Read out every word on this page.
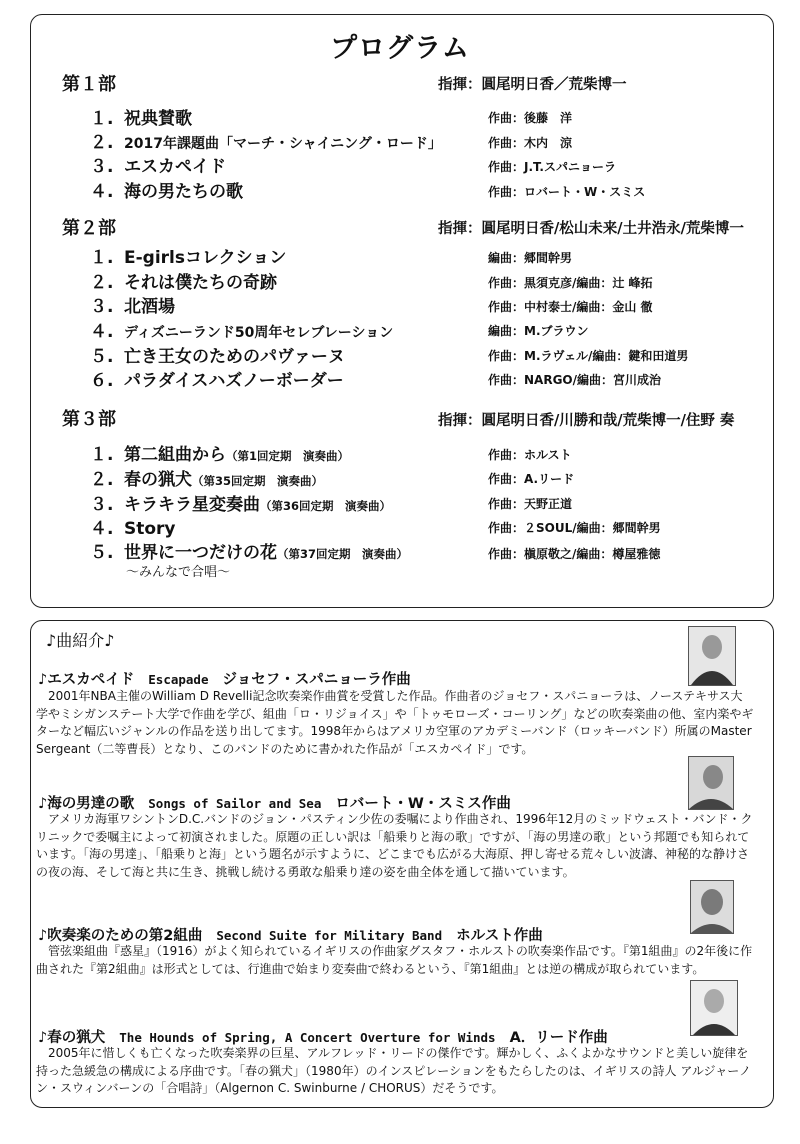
プログラム
第１部	指揮：圓尾明日香／荒柴博一
１. 祝典賛歌	作曲：後藤　洋
２. 2017年課題曲「マーチ・シャイニング・ロード」	作曲：木内　涼
３. エスカペイド	作曲：J.T.スパニョーラ
４. 海の男たちの歌	作曲：ロバート・W・スミス
第２部	指揮：圓尾明日香/松山未来/土井浩永/荒柴博一
１. E-girlsコレクション	編曲：郷間幹男
２. それは僕たちの奇跡	作曲：黒須克彦/編曲：辻 峰拓
３. 北酒場	作曲：中村泰士/編曲：金山 徹
４. ディズニーランド50周年セレブレーション	編曲：M.ブラウン
５. 亡き王女のためのパヴァーヌ	作曲：M.ラヴェル/編曲：鍵和田道男
６. パラダイスハズノーボーダー	作曲：NARGO/編曲：宮川成治
第３部	指揮：圓尾明日香/川勝和哉/荒柴博一/住野 奏
１. 第二組曲から（第1回定期　演奏曲）	作曲：ホルスト
２. 春の猟犬（第35回定期　演奏曲）	作曲：A.リード
３. キラキラ星変奏曲（第36回定期　演奏曲）	作曲：天野正道
４. Story	作曲：２SOUL/編曲：郷間幹男
５. 世界に一つだけの花（第37回定期　演奏曲）	作曲：槇原敬之/編曲：樽屋雅徳
～みんなで合唱～
♪曲紹介♪
♪エスカペイド Escapade ジョセフ・スパニョーラ作曲
2001年NBA主催のWilliam D Revelli記念吹奏楽作曲賞を受賞した作品。作曲者のジョセフ・スパニョーラは、ノーステキサス大学やミシガンステート大学で作曲を学び、組曲「ロ・リジョイス」や「トゥモローズ・コーリング」などの吹奏楽曲の他、室内楽やギターなど幅広いジャンルの作品を送り出してます。1998年からはアメリカ空軍のアカデミーバンド（ロッキーバンド）所属のMaster Sergeant（二等曹長）となり、このバンドのために書かれた作品が「エスカペイド」です。
♪海の男達の歌 Songs of Sailor and Sea ロバート・W・スミス作曲
アメリカ海軍ワシントンD.C.バンドのジョン・パスティン少佐の委嘱により作曲され、1996年12月のミッドウェスト・バンド・クリニックで委嘱主によって初演されました。原題の正しい訳は「船乗りと海の歌」ですが、「海の男達の歌」という邦題でも知られています。「海の男達」、「船乗りと海」という題名が示すように、どこまでも広がる大海原、押し寄せる荒々しい波濤、神秘的な静けさの夜の海、そして海と共に生き、挑戦し続ける勇敢な船乗り達の姿を曲全体を通して描いています。
♪吹奏楽のための第2組曲 Second Suite for Military Band ホルスト作曲
管弦楽組曲『惑星』（1916）がよく知られているイギリスの作曲家グスタフ・ホルストの吹奏楽作品です。『第1組曲』の2年後に作曲された『第2組曲』は形式としては、行進曲で始まり変奏曲で終わるという、『第1組曲』とは逆の構成が取られています。
♪春の猟犬 The Hounds of Spring, A Concert Overture for Winds A．リード作曲
2005年に惜しくも亡くなった吹奏楽界の巨星、アルフレッド・リードの傑作です。輝かしく、ふくよかなサウンドと美しい旋律を持った急緩急の構成による序曲です。「春の猟犬」（1980年）のインスピレーションをもたらしたのは、イギリスの詩人 アルジャーノン・スウィンバーンの「合唱詩」（Algernon C. Swinburne / CHORUS）だそうです。
